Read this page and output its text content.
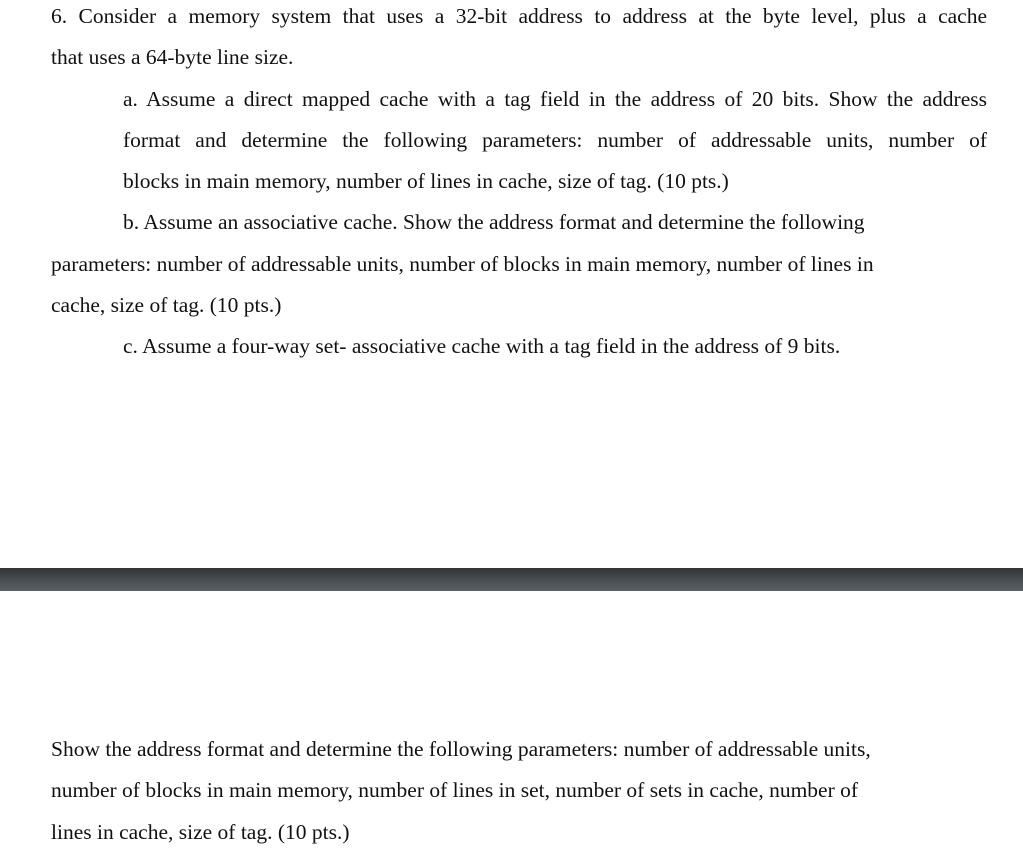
6. Consider a memory system that uses a 32-bit address to address at the byte level, plus a cache
that uses a 64-byte line size.
a. Assume a direct mapped cache with a tag field in the address of 20 bits. Show the address
format and determine the following parameters: number of addressable units, number of
blocks in main memory, number of lines in cache, size of tag. (10 pts.)
b. Assume an associative cache. Show the address format and determine the following
parameters: number of addressable units, number of blocks in main memory, number of lines in
cache, size of tag. (10 pts.)
c. Assume a four-way set- associative cache with a tag field in the address of 9 bits.
Show the address format and determine the following parameters: number of addressable units,
number of blocks in main memory, number of lines in set, number of sets in cache, number of
lines in cache, size of tag. (10 pts.)
